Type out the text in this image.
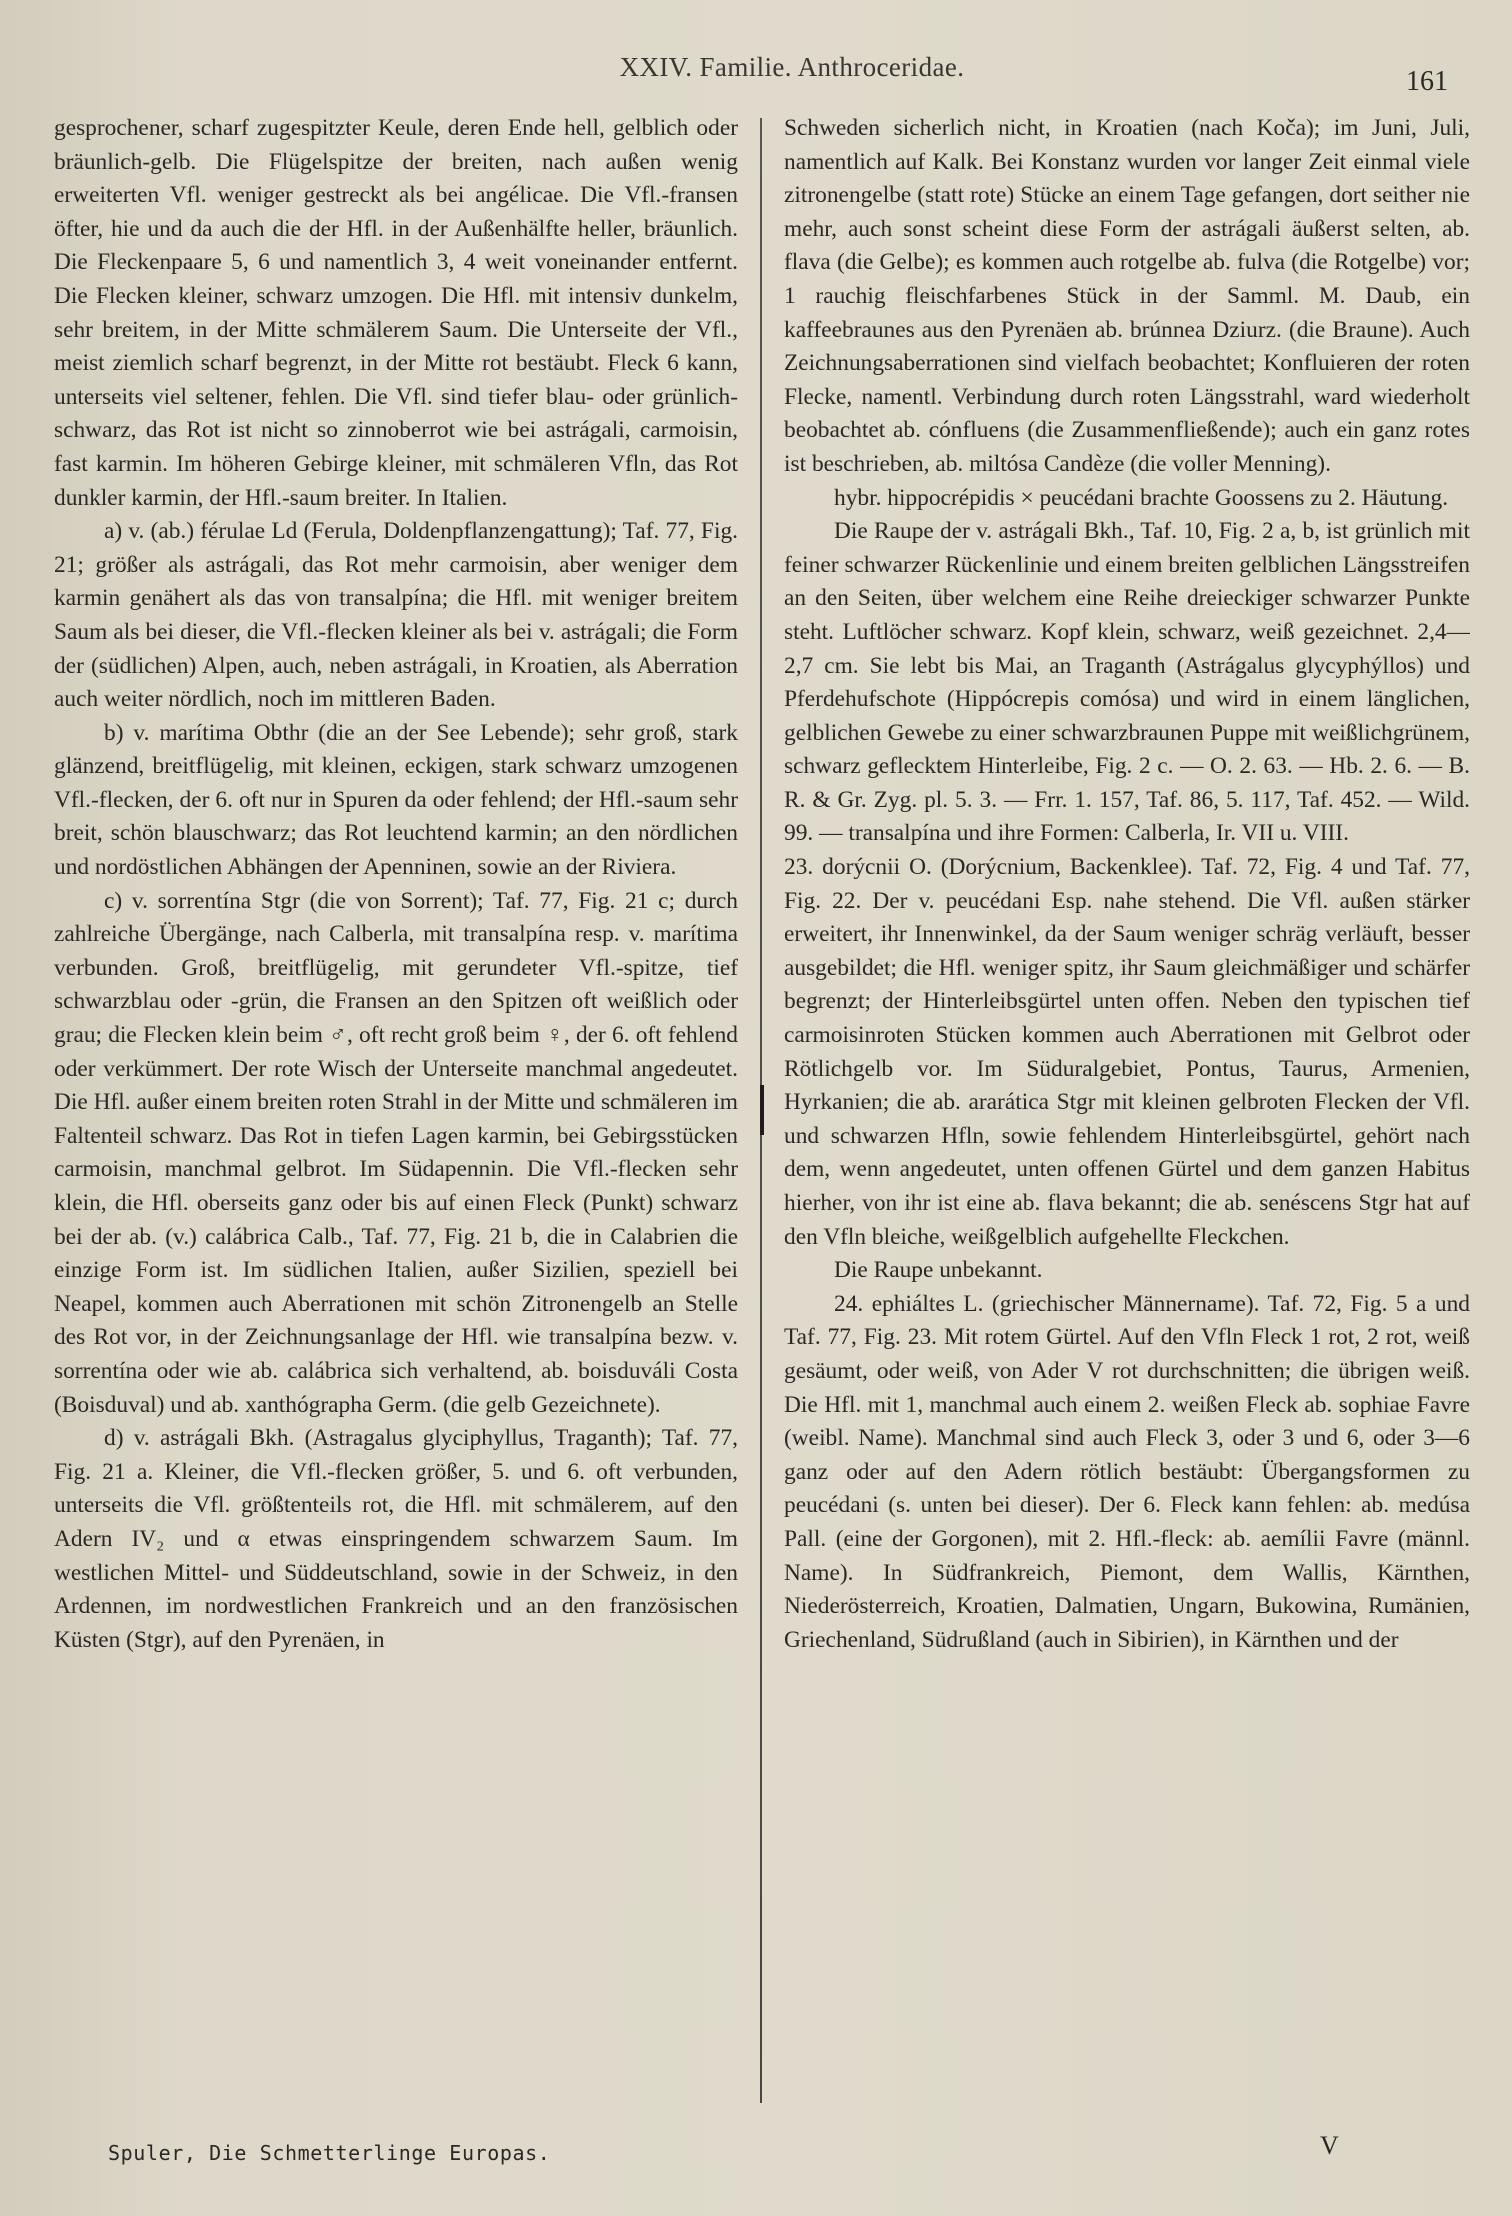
XXIV. Familie. Anthroceridae.	161

gesprochener, scharf zugespitzter Keule, deren Ende hell, gelblich oder bräunlich-gelb. Die Flügelspitze der breiten, nach außen wenig erweiterten Vfl. weniger gestreckt als bei angélicae. Die Vfl.-fransen öfter, hie und da auch die der Hfl. in der Außenhälfte heller, bräunlich. Die Fleckenpaare 5, 6 und namentlich 3, 4 weit voneinander entfernt. Die Flecken kleiner, schwarz umzogen. Die Hfl. mit intensiv dunkelm, sehr breitem, in der Mitte schmälerem Saum. Die Unterseite der Vfl., meist ziemlich scharf begrenzt, in der Mitte rot bestäubt. Fleck 6 kann, unterseits viel seltener, fehlen. Die Vfl. sind tiefer blau- oder grünlich-schwarz, das Rot ist nicht so zinnoberrot wie bei astrágali, carmoisin, fast karmin. Im höheren Gebirge kleiner, mit schmäleren Vfln, das Rot dunkler karmin, der Hfl.-saum breiter. In Italien.

a) v. (ab.) férulae Ld (Ferula, Doldenpflanzengattung); Taf. 77, Fig. 21; größer als astrágali, das Rot mehr carmoisin, aber weniger dem karmin genähert als das von transalpína; die Hfl. mit weniger breitem Saum als bei dieser, die Vfl.-flecken kleiner als bei v. astrágali; die Form der (südlichen) Alpen, auch, neben astrágali, in Kroatien, als Aberration auch weiter nördlich, noch im mittleren Baden.

b) v. marítima Obthr (die an der See Lebende); sehr groß, stark glänzend, breitflügelig, mit kleinen, eckigen, stark schwarz umzogenen Vfl.-flecken, der 6. oft nur in Spuren da oder fehlend; der Hfl.-saum sehr breit, schön blauschwarz; das Rot leuchtend karmin; an den nördlichen und nordöstlichen Abhängen der Apenninen, sowie an der Riviera.

c) v. sorrentína Stgr (die von Sorrent); Taf. 77, Fig. 21 c; durch zahlreiche Übergänge, nach Calberla, mit transalpína resp. v. marítima verbunden. Groß, breitflügelig, mit gerundeter Vfl.-spitze, tief schwarzblau oder -grün, die Fransen an den Spitzen oft weißlich oder grau; die Flecken klein beim ♂, oft recht groß beim ♀, der 6. oft fehlend oder verkümmert. Der rote Wisch der Unterseite manchmal angedeutet. Die Hfl. außer einem breiten roten Strahl in der Mitte und schmäleren im Faltenteil schwarz. Das Rot in tiefen Lagen karmin, bei Gebirgsstücken carmoisin, manchmal gelbrot. Im Südapennin. Die Vfl.-flecken sehr klein, die Hfl. oberseits ganz oder bis auf einen Fleck (Punkt) schwarz bei der ab. (v.) calábrica Calb., Taf. 77, Fig. 21 b, die in Calabrien die einzige Form ist. Im südlichen Italien, außer Sizilien, speziell bei Neapel, kommen auch Aberrationen mit schön Zitronengelb an Stelle des Rot vor, in der Zeichnungsanlage der Hfl. wie transalpína bezw. v. sorrentína oder wie ab. calábrica sich verhaltend, ab. boisduváli Costa (Boisduval) und ab. xanthógrapha Germ. (die gelb Gezeichnete).

d) v. astrágali Bkh. (Astragalus glyciphyllus, Traganth); Taf. 77, Fig. 21 a. Kleiner, die Vfl.-flecken größer, 5. und 6. oft verbunden, unterseits die Vfl. größtenteils rot, die Hfl. mit schmälerem, auf den Adern IV₂ und α etwas einspringendem schwarzem Saum. Im westlichen Mittel- und Süddeutschland, sowie in der Schweiz, in den Ardennen, im nordwestlichen Frankreich und an den französischen Küsten (Stgr), auf den Pyrenäen, in

Schweden sicherlich nicht, in Kroatien (nach Koča); im Juni, Juli, namentlich auf Kalk. Bei Konstanz wurden vor langer Zeit einmal viele zitronengelbe (statt rote) Stücke an einem Tage gefangen, dort seither nie mehr, auch sonst scheint diese Form der astrágali äußerst selten, ab. flava (die Gelbe); es kommen auch rotgelbe ab. fulva (die Rotgelbe) vor; 1 rauchig fleischfarbenes Stück in der Samml. M. Daub, ein kaffeebraunes aus den Pyrenäen ab. brúnnea Dziurz. (die Braune). Auch Zeichnungsaberrationen sind vielfach beobachtet; Konfluieren der roten Flecke, namentl. Verbindung durch roten Längsstrahl, ward wiederholt beobachtet ab. cónfluens (die Zusammenfließende); auch ein ganz rotes ist beschrieben, ab. miltósa Candèze (die voller Menning).

hybr. hippocrépidis × peucédani brachte Goossens zu 2. Häutung.

Die Raupe der v. astrágali Bkh., Taf. 10, Fig. 2 a, b, ist grünlich mit feiner schwarzer Rückenlinie und einem breiten gelblichen Längsstreifen an den Seiten, über welchem eine Reihe dreieckiger schwarzer Punkte steht. Luftlöcher schwarz. Kopf klein, schwarz, weiß gezeichnet. 2,4—2,7 cm. Sie lebt bis Mai, an Traganth (Astrágalus glycyphýllos) und Pferdehufschote (Hippócrepis comósa) und wird in einem länglichen, gelblichen Gewebe zu einer schwarzbraunen Puppe mit weißlichgrünem, schwarz geflecktem Hinterleibe, Fig. 2 c. — O. 2. 63. — Hb. 2. 6. — B. R. & Gr. Zyg. pl. 5. 3. — Frr. 1. 157, Taf. 86, 5. 117, Taf. 452. — Wild. 99. — transalpína und ihre Formen: Calberla, Ir. VII u. VIII.

23. dorýcnii O. (Dorýcnium, Backenklee). Taf. 72, Fig. 4 und Taf. 77, Fig. 22. Der v. peucédani Esp. nahe stehend. Die Vfl. außen stärker erweitert, ihr Innenwinkel, da der Saum weniger schräg verläuft, besser ausgebildet; die Hfl. weniger spitz, ihr Saum gleichmäßiger und schärfer begrenzt; der Hinterleibsgürtel unten offen. Neben den typischen tief carmoisinroten Stücken kommen auch Aberrationen mit Gelbrot oder Rötlichgelb vor. Im Süduralgebiet, Pontus, Taurus, Armenien, Hyrkanien; die ab. ararática Stgr mit kleinen gelbroten Flecken der Vfl. und schwarzen Hfln, sowie fehlendem Hinterleibsgürtel, gehört nach dem, wenn angedeutet, unten offenen Gürtel und dem ganzen Habitus hierher, von ihr ist eine ab. flava bekannt; die ab. senéscens Stgr hat auf den Vfln bleiche, weißgelblich aufgehellte Fleckchen.

Die Raupe unbekannt.

24. ephiáltes L. (griechischer Männername). Taf. 72, Fig. 5 a und Taf. 77, Fig. 23. Mit rotem Gürtel. Auf den Vfln Fleck 1 rot, 2 rot, weiß gesäumt, oder weiß, von Ader V rot durchschnitten; die übrigen weiß. Die Hfl. mit 1, manchmal auch einem 2. weißen Fleck ab. sophiae Favre (weibl. Name). Manchmal sind auch Fleck 3, oder 3 und 6, oder 3—6 ganz oder auf den Adern rötlich bestäubt: Übergangsformen zu peucédani (s. unten bei dieser). Der 6. Fleck kann fehlen: ab. medúsa Pall. (eine der Gorgonen), mit 2. Hfl.-fleck: ab. aemílii Favre (männl. Name). In Südfrankreich, Piemont, dem Wallis, Kärnthen, Niederösterreich, Kroatien, Dalmatien, Ungarn, Bukowina, Rumänien, Griechenland, Südrußland (auch in Sibirien), in Kärnthen und der

Spuler, Die Schmetterlinge Europas.	V
